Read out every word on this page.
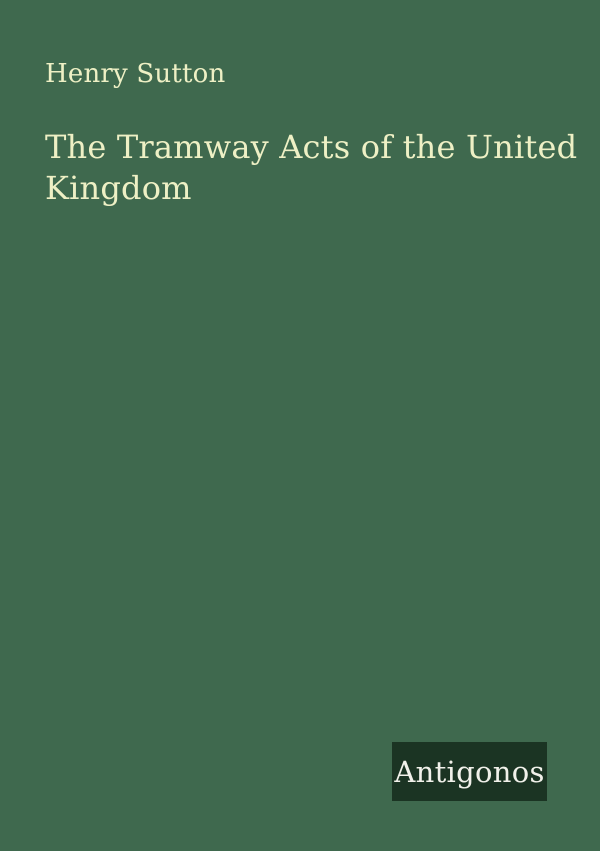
Henry Sutton
The Tramway Acts of the United Kingdom
Antigonos
